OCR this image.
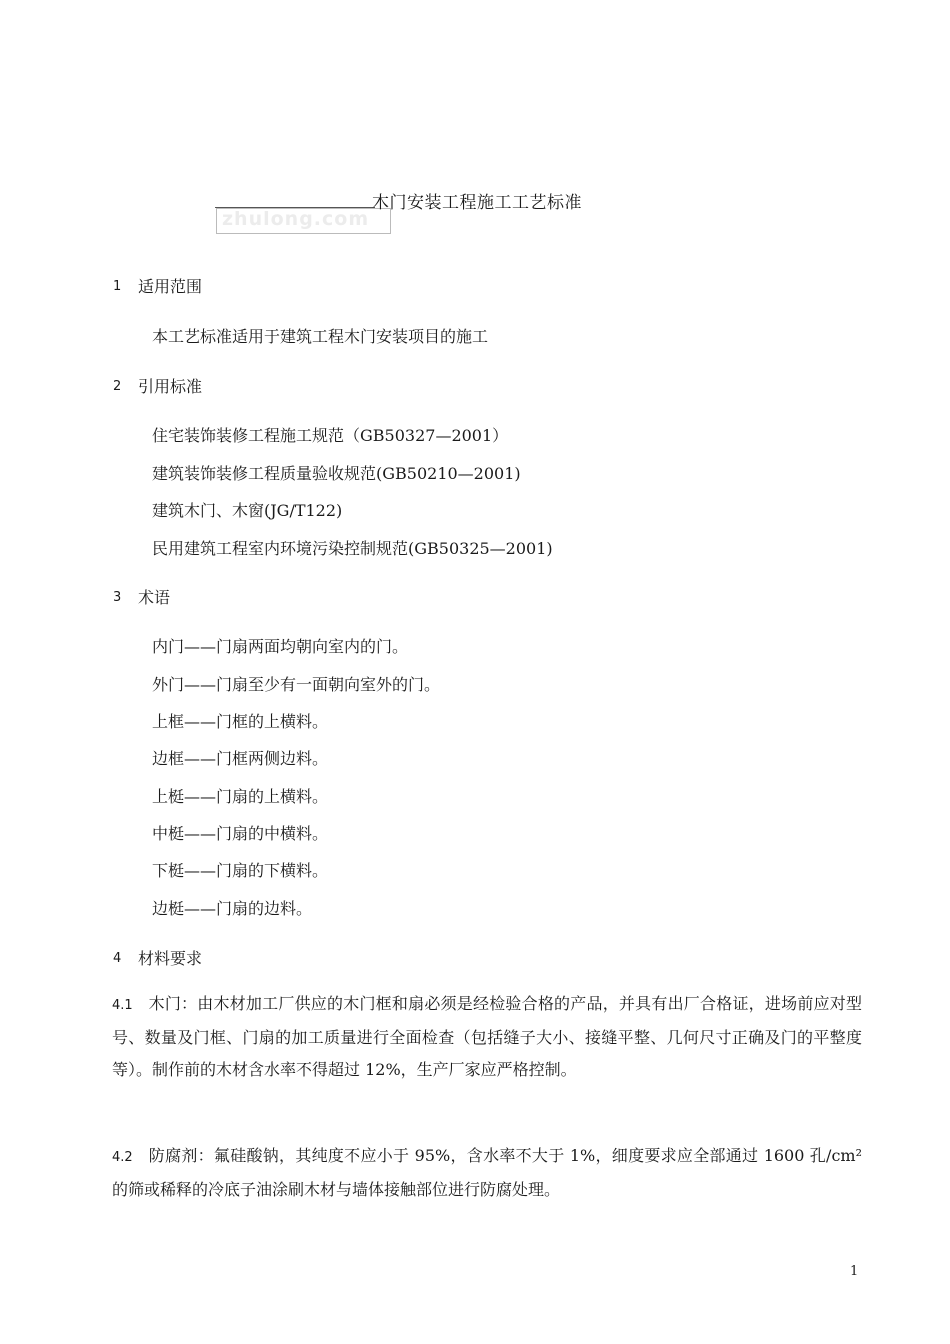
zhulong.com
木门安装工程施工工艺标准
1 适用范围
本工艺标准适用于建筑工程木门安装项目的施工
2 引用标准
住宅装饰装修工程施工规范（GB50327—2001）
建筑装饰装修工程质量验收规范(GB50210—2001)
建筑木门、木窗(JG/T122)
民用建筑工程室内环境污染控制规范(GB50325—2001)
3 术语
内门——门扇两面均朝向室内的门。
外门——门扇至少有一面朝向室外的门。
上框——门框的上横料。
边框——门框两侧边料。
上梃——门扇的上横料。
中梃——门扇的中横料。
下梃——门扇的下横料。
边梃——门扇的边料。
4 材料要求
4.1 木门：由木材加工厂供应的木门框和扇必须是经检验合格的产品，并具有出厂合格证，进场前应对型号、数量及门框、门扇的加工质量进行全面检查（包括缝子大小、接缝平整、几何尺寸正确及门的平整度等）。制作前的木材含水率不得超过 12%，生产厂家应严格控制。
4.2 防腐剂：氟硅酸钠，其纯度不应小于 95%，含水率不大于 1%，细度要求应全部通过 1600 孔/cm² 的筛或稀释的冷底子油涂刷木材与墙体接触部位进行防腐处理。
1
